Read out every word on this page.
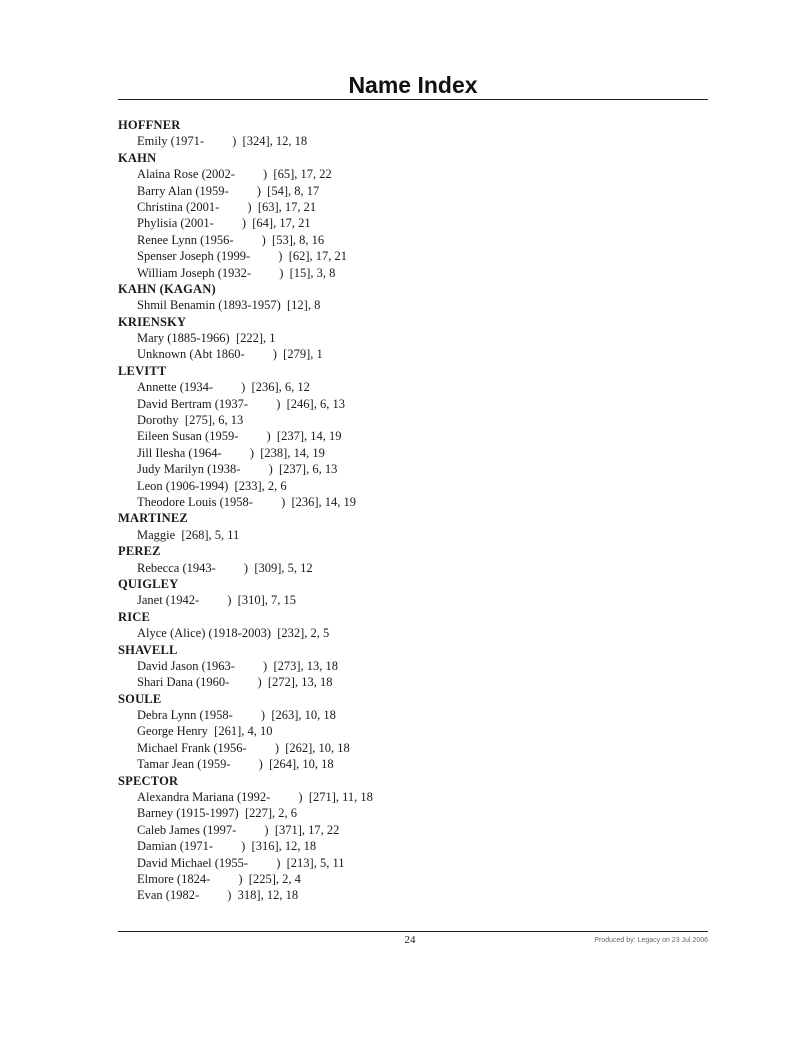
Name Index
HOFFNER
Emily (1971-         )  [324], 12, 18
KAHN
Alaina Rose (2002-         )  [65], 17, 22
Barry Alan (1959-         )  [54], 8, 17
Christina (2001-         )  [63], 17, 21
Phylisia (2001-         )  [64], 17, 21
Renee Lynn (1956-         )  [53], 8, 16
Spenser Joseph (1999-         )  [62], 17, 21
William Joseph (1932-         )  [15], 3, 8
KAHN (KAGAN)
Shmil Benamin (1893-1957)  [12], 8
KRIENSKY
Mary (1885-1966)  [222], 1
Unknown (Abt 1860-         )  [279], 1
LEVITT
Annette (1934-         )  [236], 6, 12
David Bertram (1937-         )  [246], 6, 13
Dorothy  [275], 6, 13
Eileen Susan (1959-         )  [237], 14, 19
Jill Ilesha (1964-         )  [238], 14, 19
Judy Marilyn (1938-         )  [237], 6, 13
Leon (1906-1994)  [233], 2, 6
Theodore Louis (1958-         )  [236], 14, 19
MARTINEZ
Maggie  [268], 5, 11
PEREZ
Rebecca (1943-         )  [309], 5, 12
QUIGLEY
Janet (1942-         )  [310], 7, 15
RICE
Alyce (Alice) (1918-2003)  [232], 2, 5
SHAVELL
David Jason (1963-         )  [273], 13, 18
Shari Dana (1960-         )  [272], 13, 18
SOULE
Debra Lynn (1958-         )  [263], 10, 18
George Henry  [261], 4, 10
Michael Frank (1956-         )  [262], 10, 18
Tamar Jean (1959-         )  [264], 10, 18
SPECTOR
Alexandra Mariana (1992-         )  [271], 11, 18
Barney (1915-1997)  [227], 2, 6
Caleb James (1997-         )  [371], 17, 22
Damian (1971-         )  [316], 12, 18
David Michael (1955-         )  [213], 5, 11
Elmore (1824-         )  [225], 2, 4
Evan (1982-         )  318], 12, 18
24	Produced by: Legacy on 23 Jul 2006
